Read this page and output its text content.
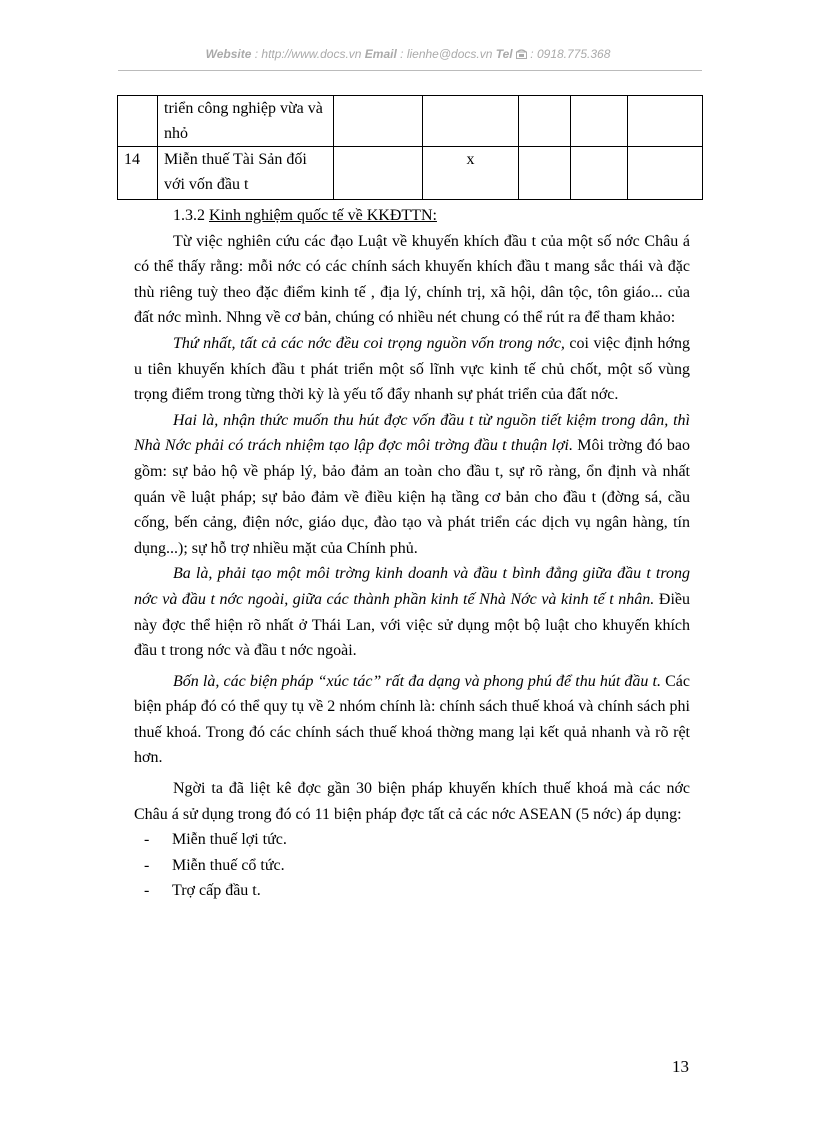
Website : http://www.docs.vn Email : lienhe@docs.vn Tel  : 0918.775.368
	triển công nghiệp vừa và nhỏ					
14	Miễn thuế Tài Sản đối với vốn đầu t		x			

1.3.2 Kinh nghiệm quốc tế về KKĐTTN:

Từ việc nghiên cứu các đạo Luật về khuyến khích đầu t của một số nớc Châu á có thể thấy rằng: mỗi nớc có các chính sách khuyến khích đầu t mang sắc thái và đặc thù riêng tuỳ theo đặc điểm kinh tế , địa lý, chính trị, xã hội, dân tộc, tôn giáo... của đất nớc mình. Nhng về cơ bản, chúng có nhiều nét chung có thể rút ra để tham khảo:

Thứ nhất, tất cả các nớc đều coi trọng nguồn vốn trong nớc, coi việc định hớng u tiên khuyến khích đầu t phát triển một số lĩnh vực kinh tế chủ chốt, một số vùng trọng điểm trong từng thời kỳ là yếu tố đẩy nhanh sự phát triển của đất nớc.

Hai là, nhận thức muốn thu hút đợc vốn đầu t từ nguồn tiết kiệm trong dân, thì Nhà Nớc phải có trách nhiệm tạo lập đợc môi trờng đầu t thuận lợi. Môi trờng đó bao gồm: sự bảo hộ về pháp lý, bảo đảm an toàn cho đầu t, sự rõ ràng, ổn định và nhất quán về luật pháp; sự bảo đảm về điều kiện hạ tầng cơ bản cho đầu t (đờng sá, cầu cống, bến cảng, điện nớc, giáo dục, đào tạo và phát triển các dịch vụ ngân hàng, tín dụng...); sự hỗ trợ nhiều mặt của Chính phủ.

Ba là, phải tạo một môi trờng kinh doanh và đầu t bình đẳng giữa đầu t trong nớc và đầu t nớc ngoài, giữa các thành phần kinh tế Nhà Nớc và kinh tế t nhân. Điều này đợc thể hiện rõ nhất ở Thái Lan, với việc sử dụng một bộ luật cho khuyến khích đầu t trong nớc và đầu t nớc ngoài.

Bốn là, các biện pháp “xúc tác” rất đa dạng và phong phú để thu hút đầu t. Các biện pháp đó có thể quy tụ về 2 nhóm chính là: chính sách thuế khoá và chính sách phi thuế khoá. Trong đó các chính sách thuế khoá thờng mang lại kết quả nhanh và rõ rệt hơn.

Ngời ta đã liệt kê đợc gần 30 biện pháp khuyến khích thuế khoá mà các nớc Châu á sử dụng trong đó có 11 biện pháp đợc tất cả các nớc ASEAN (5 nớc) áp dụng:

- Miễn thuế lợi tức.
- Miễn thuế cổ tức.
- Trợ cấp đầu t.
13
